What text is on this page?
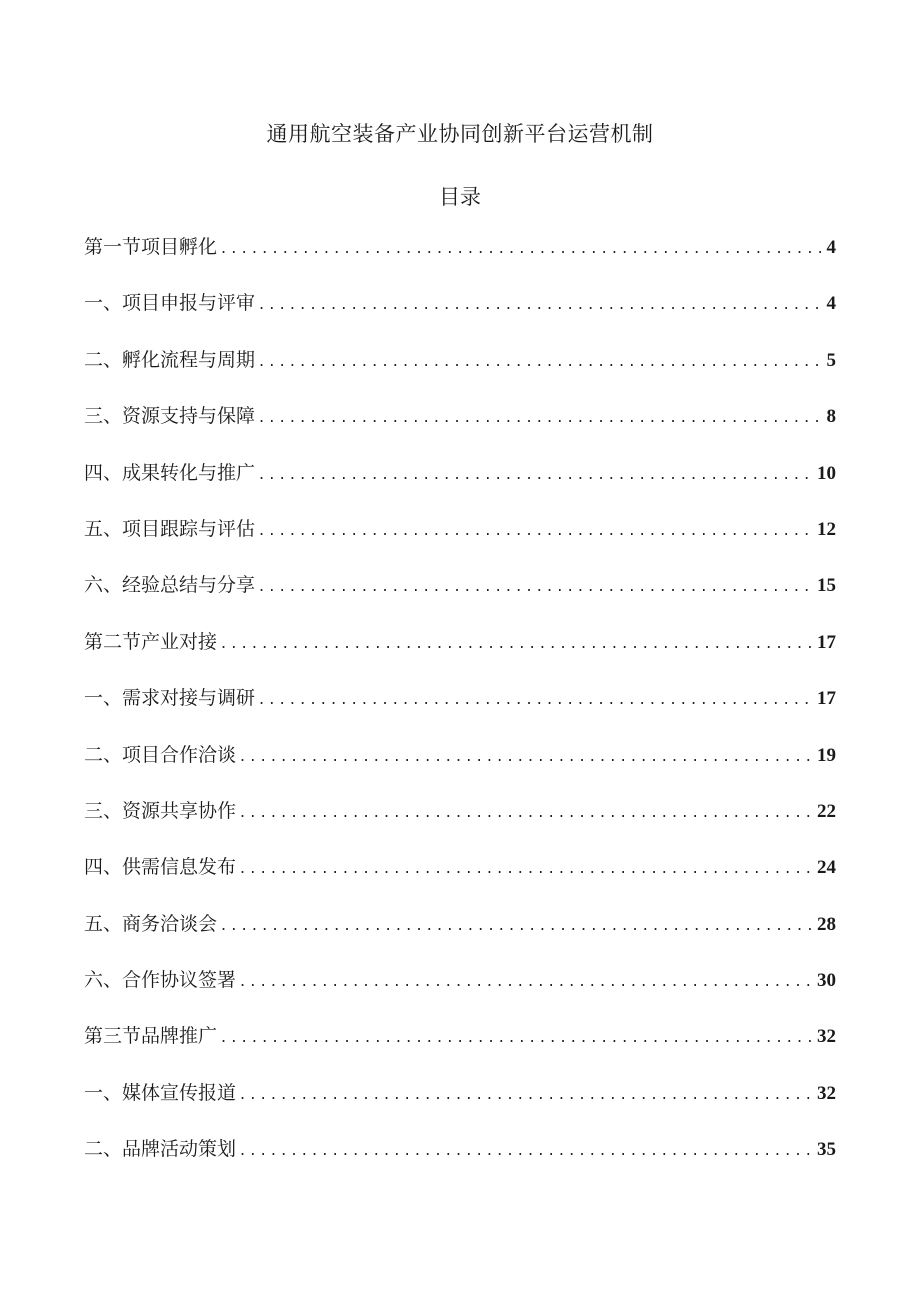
通用航空装备产业协同创新平台运营机制
目录
第一节项目孵化 .....	4
一、项目申报与评审 .....	4
二、孵化流程与周期 .....	5
三、资源支持与保障 .....	8
四、成果转化与推广 .....	10
五、项目跟踪与评估 .....	12
六、经验总结与分享 .....	15
第二节产业对接 .....	17
一、需求对接与调研 .....	17
二、项目合作洽谈 .....	19
三、资源共享协作 .....	22
四、供需信息发布 .....	24
五、商务洽谈会 .....	28
六、合作协议签署 .....	30
第三节品牌推广 .....	32
一、媒体宣传报道 .....	32
二、品牌活动策划 .....	35
